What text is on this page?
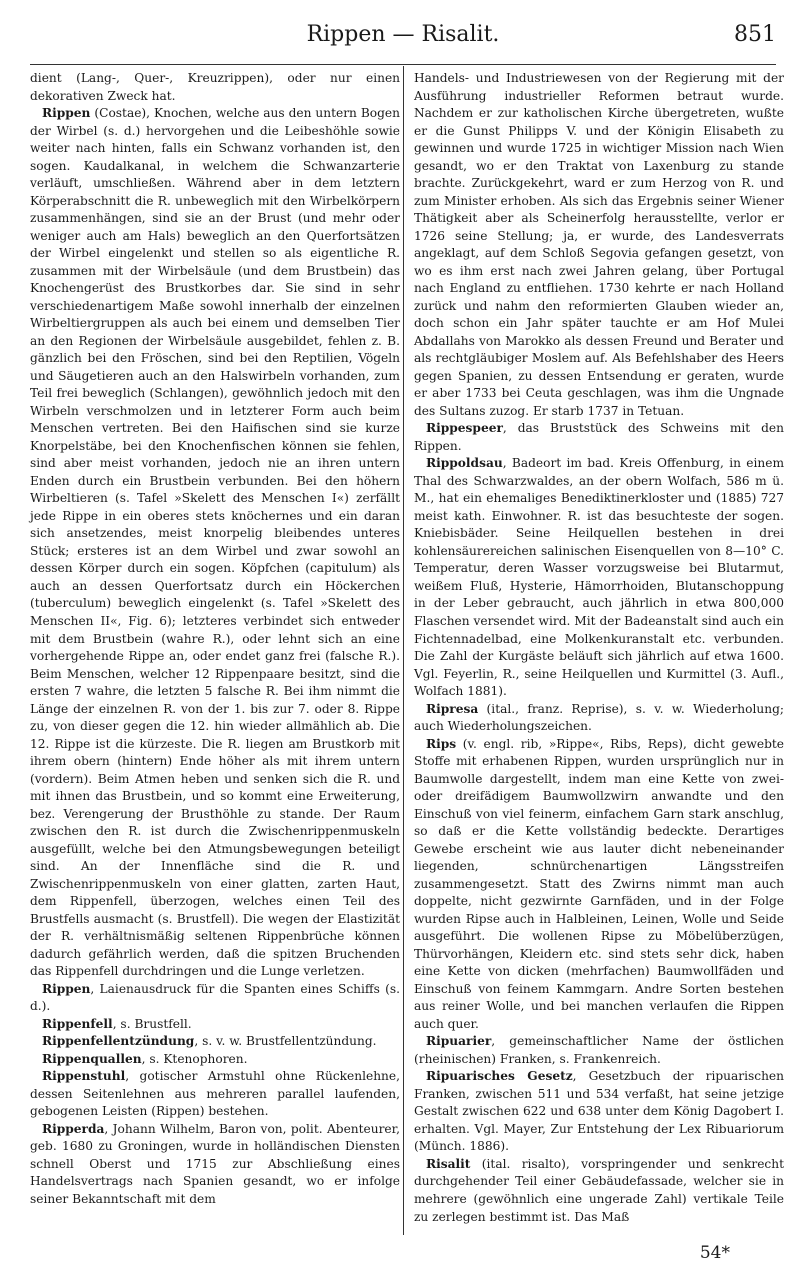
Rippen — Risalit.	851

dient (Lang-, Quer-, Kreuzrippen), oder nur einen dekorativen Zweck hat.

Rippen (Costae), Knochen, welche aus den untern Bogen der Wirbel (s. d.) hervorgehen und die Leibeshöhle sowie weiter nach hinten, falls ein Schwanz vorhanden ist, den sogen. Kaudalkanal, in welchem die Schwanzarterie verläuft, umschließen. Während aber in dem letztern Körperabschnitt die R. unbeweglich mit den Wirbelkörpern zusammenhängen, sind sie an der Brust (und mehr oder weniger auch am Hals) beweglich an den Querfortsätzen der Wirbel eingelenkt und stellen so als eigentliche R. zusammen mit der Wirbelsäule (und dem Brustbein) das Knochengerüst des Brustkorbes dar. Sie sind in sehr verschiedenartigem Maße sowohl innerhalb der einzelnen Wirbeltiergruppen als auch bei einem und demselben Tier an den Regionen der Wirbelsäule ausgebildet, fehlen z. B. gänzlich bei den Fröschen, sind bei den Reptilien, Vögeln und Säugetieren auch an den Halswirbeln vorhanden, zum Teil frei beweglich (Schlangen), gewöhnlich jedoch mit den Wirbeln verschmolzen und in letzterer Form auch beim Menschen vertreten. Bei den Haifischen sind sie kurze Knorpelstäbe, bei den Knochenfischen können sie fehlen, sind aber meist vorhanden, jedoch nie an ihren untern Enden durch ein Brustbein verbunden. Bei den höhern Wirbeltieren (s. Tafel »Skelett des Menschen I«) zerfällt jede Rippe in ein oberes stets knöchernes und ein daran sich ansetzendes, meist knorpelig bleibendes unteres Stück; ersteres ist an dem Wirbel und zwar sowohl an dessen Körper durch ein sogen. Köpfchen (capitulum) als auch an dessen Querfortsatz durch ein Höckerchen (tuberculum) beweglich eingelenkt (s. Tafel »Skelett des Menschen II«, Fig. 6); letzteres verbindet sich entweder mit dem Brustbein (wahre R.), oder lehnt sich an eine vorhergehende Rippe an, oder endet ganz frei (falsche R.). Beim Menschen, welcher 12 Rippenpaare besitzt, sind die ersten 7 wahre, die letzten 5 falsche R. Bei ihm nimmt die Länge der einzelnen R. von der 1. bis zur 7. oder 8. Rippe zu, von dieser gegen die 12. hin wieder allmählich ab. Die 12. Rippe ist die kürzeste. Die R. liegen am Brustkorb mit ihrem obern (hintern) Ende höher als mit ihrem untern (vordern). Beim Atmen heben und senken sich die R. und mit ihnen das Brustbein, und so kommt eine Erweiterung, bez. Verengerung der Brusthöhle zu stande. Der Raum zwischen den R. ist durch die Zwischenrippenmuskeln ausgefüllt, welche bei den Atmungsbewegungen beteiligt sind. An der Innenfläche sind die R. und Zwischenrippenmuskeln von einer glatten, zarten Haut, dem Rippenfell, überzogen, welches einen Teil des Brustfells ausmacht (s. Brustfell). Die wegen der Elastizität der R. verhältnismäßig seltenen Rippenbrüche können dadurch gefährlich werden, daß die spitzen Bruchenden das Rippenfell durchdringen und die Lunge verletzen.

Rippen, Laienausdruck für die Spanten eines Schiffs (s. d.).

Rippenfell, s. Brustfell.

Rippenfellentzündung, s. v. w. Brustfellentzündung.

Rippenquallen, s. Ktenophoren.

Rippenstuhl, gotischer Armstuhl ohne Rückenlehne, dessen Seitenlehnen aus mehreren parallel laufenden, gebogenen Leisten (Rippen) bestehen.

Ripperda, Johann Wilhelm, Baron von, polit. Abenteurer, geb. 1680 zu Groningen, wurde in holländischen Diensten schnell Oberst und 1715 zur Abschließung eines Handelsvertrags nach Spanien gesandt, wo er infolge seiner Bekanntschaft mit dem

Handels- und Industriewesen von der Regierung mit der Ausführung industrieller Reformen betraut wurde. Nachdem er zur katholischen Kirche übergetreten, wußte er die Gunst Philipps V. und der Königin Elisabeth zu gewinnen und wurde 1725 in wichtiger Mission nach Wien gesandt, wo er den Traktat von Laxenburg zu stande brachte. Zurückgekehrt, ward er zum Herzog von R. und zum Minister erhoben. Als sich das Ergebnis seiner Wiener Thätigkeit aber als Scheinerfolg herausstellte, verlor er 1726 seine Stellung; ja, er wurde, des Landesverrats angeklagt, auf dem Schloß Segovia gefangen gesetzt, von wo es ihm erst nach zwei Jahren gelang, über Portugal nach England zu entfliehen. 1730 kehrte er nach Holland zurück und nahm den reformierten Glauben wieder an, doch schon ein Jahr später tauchte er am Hof Mulei Abdallahs von Marokko als dessen Freund und Berater und als rechtgläubiger Moslem auf. Als Befehlshaber des Heers gegen Spanien, zu dessen Entsendung er geraten, wurde er aber 1733 bei Ceuta geschlagen, was ihm die Ungnade des Sultans zuzog. Er starb 1737 in Tetuan.

Rippespeer, das Bruststück des Schweins mit den Rippen.

Rippoldsau, Badeort im bad. Kreis Offenburg, in einem Thal des Schwarzwaldes, an der obern Wolfach, 586 m ü. M., hat ein ehemaliges Benediktinerkloster und (1885) 727 meist kath. Einwohner. R. ist das besuchteste der sogen. Kniebisbäder. Seine Heilquellen bestehen in drei kohlensäurereichen salinischen Eisenquellen von 8—10° C. Temperatur, deren Wasser vorzugsweise bei Blutarmut, weißem Fluß, Hysterie, Hämorrhoiden, Blutanschoppung in der Leber gebraucht, auch jährlich in etwa 800,000 Flaschen versendet wird. Mit der Badeanstalt sind auch ein Fichtennadelbad, eine Molkenkuranstalt etc. verbunden. Die Zahl der Kurgäste beläuft sich jährlich auf etwa 1600. Vgl. Feyerlin, R., seine Heilquellen und Kurmittel (3. Aufl., Wolfach 1881).

Ripresa (ital., franz. Reprise), s. v. w. Wiederholung; auch Wiederholungszeichen.

Rips (v. engl. rib, »Rippe«, Ribs, Reps), dicht gewebte Stoffe mit erhabenen Rippen, wurden ursprünglich nur in Baumwolle dargestellt, indem man eine Kette von zwei- oder dreifädigem Baumwollzwirn anwandte und den Einschuß von viel feinerm, einfachem Garn stark anschlug, so daß er die Kette vollständig bedeckte. Derartiges Gewebe erscheint wie aus lauter dicht nebeneinander liegenden, schnürchenartigen Längsstreifen zusammengesetzt. Statt des Zwirns nimmt man auch doppelte, nicht gezwirnte Garnfäden, und in der Folge wurden Ripse auch in Halbleinen, Leinen, Wolle und Seide ausgeführt. Die wollenen Ripse zu Möbelüberzügen, Thürvorhängen, Kleidern etc. sind stets sehr dick, haben eine Kette von dicken (mehrfachen) Baumwollfäden und Einschuß von feinem Kammgarn. Andre Sorten bestehen aus reiner Wolle, und bei manchen verlaufen die Rippen auch quer.

Ripuarier, gemeinschaftlicher Name der östlichen (rheinischen) Franken, s. Frankenreich.

Ripuarisches Gesetz, Gesetzbuch der ripuarischen Franken, zwischen 511 und 534 verfaßt, hat seine jetzige Gestalt zwischen 622 und 638 unter dem König Dagobert I. erhalten. Vgl. Mayer, Zur Entstehung der Lex Ribuariorum (Münch. 1886).

Risalit (ital. risalto), vorspringender und senkrecht durchgehender Teil einer Gebäudefassade, welcher sie in mehrere (gewöhnlich eine ungerade Zahl) vertikale Teile zu zerlegen bestimmt ist. Das Maß

54*
